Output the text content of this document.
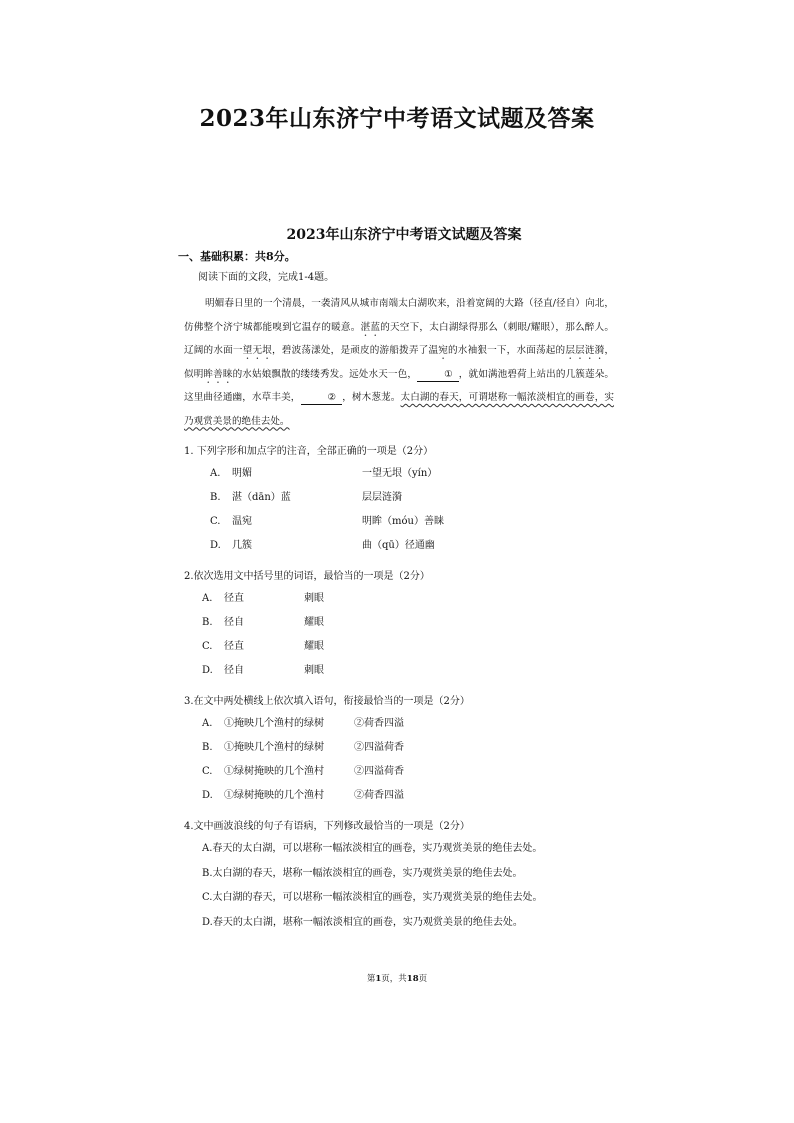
2023年山东济宁中考语文试题及答案
2023年山东济宁中考语文试题及答案
一、基础积累：共8分。
阅读下面的文段，完成1-4题。
明媚春日里的一个清晨，一袭清风从城市南端太白湖吹来，沿着宽阔的大路（径直/径自）向北，仿佛整个济宁城都能嗅到它温存的暖意。湛蓝的天空下，太白湖绿得那么（刺眼/耀眼），那么醉人。辽阔的水面一望无垠，碧波荡漾处，是顽皮的游船拨弄了温宛的水袖狠一下，水面荡起的层层涟漪，似明眸善睐的水姑娘飘散的缕缕秀发。远处水天一色，	① ，就如满池碧荷上站出的几簇莲朵。这里曲径通幽，水草丰美，	② ，树木葱茏。太白湖的春天，可谓堪称一幅浓淡相宜的画卷，实乃观赏美景的绝佳去处。
1. 下列字形和加点字的注音，全部正确的一项是（2分）
A.	明媚	一望无垠（yín）
B.	湛（dān）蓝	层层涟漪
C.	温宛	明眸（móu）善睐
D.	几簇	曲（qū）径通幽
2.依次选用文中括号里的词语，最恰当的一项是（2分）
A.	径直	刺眼
B.	径自	耀眼
C.	径直	耀眼
D.	径自	刺眼
3.在文中两处横线上依次填入语句，衔接最恰当的一项是（2分）
A.	①掩映几个渔村的绿树	②荷香四溢
B.	①掩映几个渔村的绿树	②四溢荷香
C.	①绿树掩映的几个渔村	②四溢荷香
D.	①绿树掩映的几个渔村	②荷香四溢
4.文中画波浪线的句子有语病，下列修改最恰当的一项是（2分）
A.春天的太白湖，可以堪称一幅浓淡相宜的画卷，实乃观赏美景的绝佳去处。
B.太白湖的春天，堪称一幅浓淡相宜的画卷，实乃观赏美景的绝佳去处。
C.太白湖的春天，可以堪称一幅浓淡相宜的画卷，实乃观赏美景的绝佳去处。
D.春天的太白湖，堪称一幅浓淡相宜的画卷，实乃观赏美景的绝佳去处。
第1页，共18页
